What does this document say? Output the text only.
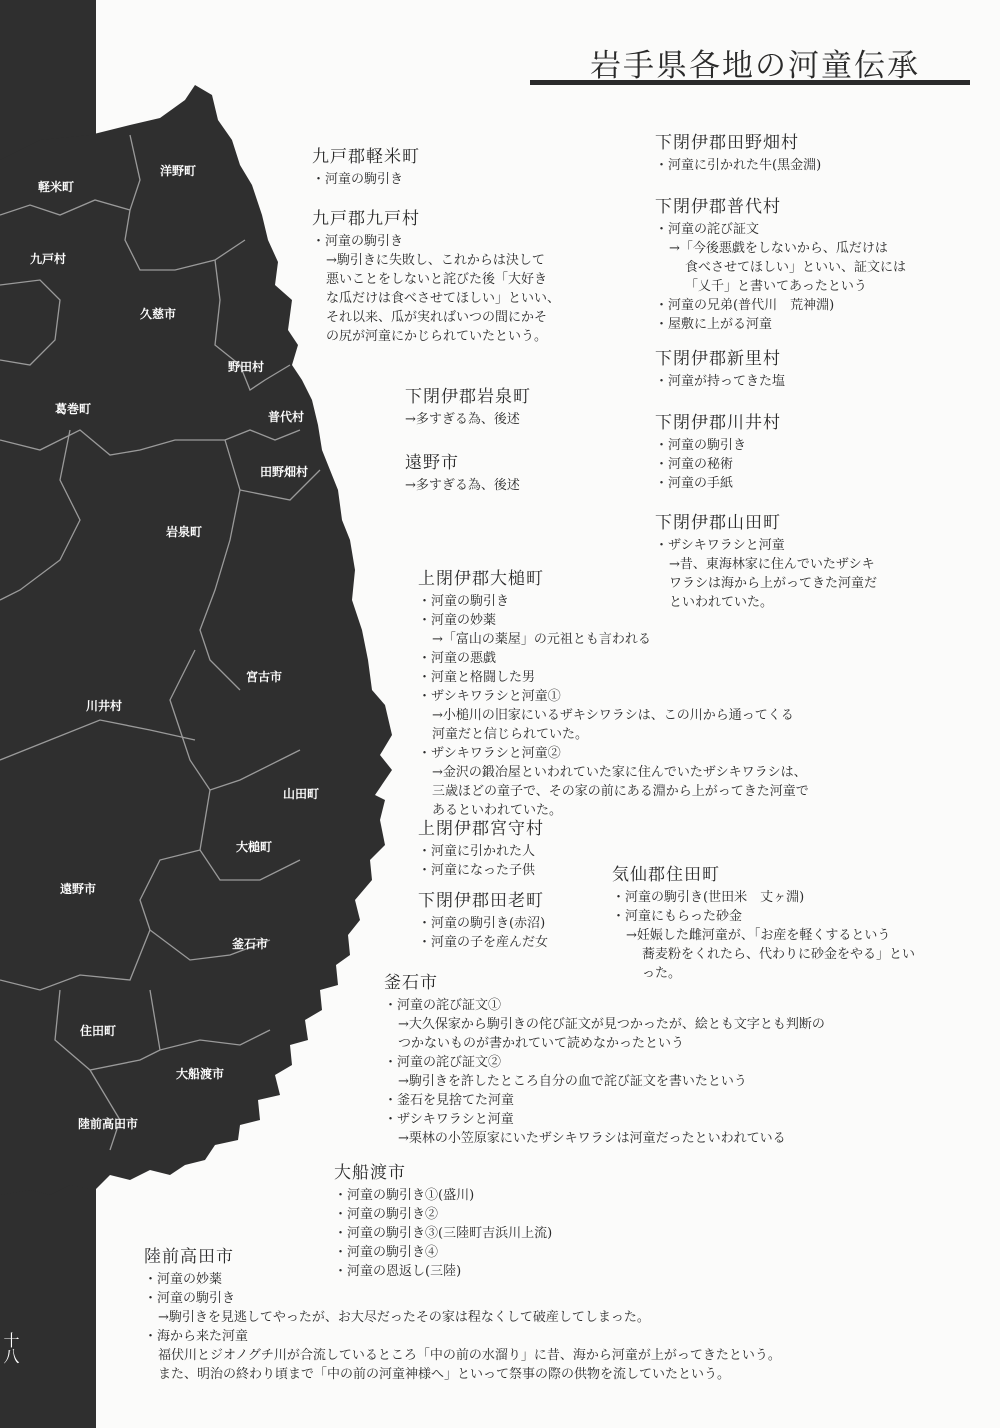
軽米町
洋野町
九戸村
久慈市
野田村
葛巻町
普代村
田野畑村
岩泉町
宮古市
川井村
山田町
大槌町
遠野市
釜石市
住田町
大船渡市
陸前高田市
岩手県各地の河童伝承
九戸郡軽米町
・河童の駒引き
九戸郡九戸村
・河童の駒引き
→駒引きに失敗し、これからは決して
悪いことをしないと詫びた後「大好き
な瓜だけは食べさせてほしい」といい、
それ以来、瓜が実ればいつの間にかそ
の尻が河童にかじられていたという。
下閉伊郡岩泉町
→多すぎる為、後述
遠野市
→多すぎる為、後述
下閉伊郡田野畑村
・河童に引かれた牛(黒金淵)
下閉伊郡普代村
・河童の詫び証文
→「今後悪戯をしないから、瓜だけは
食べさせてほしい」といい、証文には
「乂千」と書いてあったという
・河童の兄弟(普代川　荒神淵)
・屋敷に上がる河童
下閉伊郡新里村
・河童が持ってきた塩
下閉伊郡川井村
・河童の駒引き
・河童の秘術
・河童の手紙
下閉伊郡山田町
・ザシキワラシと河童
→昔、東海林家に住んでいたザシキ
ワラシは海から上がってきた河童だ
といわれていた。
上閉伊郡大槌町
・河童の駒引き
・河童の妙薬
→「富山の薬屋」の元祖とも言われる
・河童の悪戯
・河童と格闘した男
・ザシキワラシと河童①
→小槌川の旧家にいるザキシワラシは、この川から通ってくる
河童だと信じられていた。
・ザシキワラシと河童②
→金沢の鍛冶屋といわれていた家に住んでいたザシキワラシは、
三歳ほどの童子で、その家の前にある淵から上がってきた河童で
あるといわれていた。
上閉伊郡宮守村
・河童に引かれた人
・河童になった子供
下閉伊郡田老町
・河童の駒引き(赤沼)
・河童の子を産んだ女
気仙郡住田町
・河童の駒引き(世田米　丈ヶ淵)
・河童にもらった砂金
→妊娠した雌河童が、「お産を軽くするという
蕎麦粉をくれたら、代わりに砂金をやる」とい
った。
釜石市
・河童の詫び証文①
→大久保家から駒引きの侘び証文が見つかったが、絵とも文字とも判断の
つかないものが書かれていて読めなかったという
・河童の詫び証文②
→駒引きを許したところ自分の血で詫び証文を書いたという
・釜石を見捨てた河童
・ザシキワラシと河童
→栗林の小笠原家にいたザシキワラシは河童だったといわれている
大船渡市
・河童の駒引き①(盛川)
・河童の駒引き②
・河童の駒引き③(三陸町吉浜川上流)
・河童の駒引き④
・河童の恩返し(三陸)
陸前高田市
・河童の妙薬
・河童の駒引き
→駒引きを見逃してやったが、お大尽だったその家は程なくして破産してしまった。
・海から来た河童
福伏川とジオノグチ川が合流しているところ「中の前の水溜り」に昔、海から河童が上がってきたという。
また、明治の終わり頃まで「中の前の河童神様へ」といって祭事の際の供物を流していたという。
十八
